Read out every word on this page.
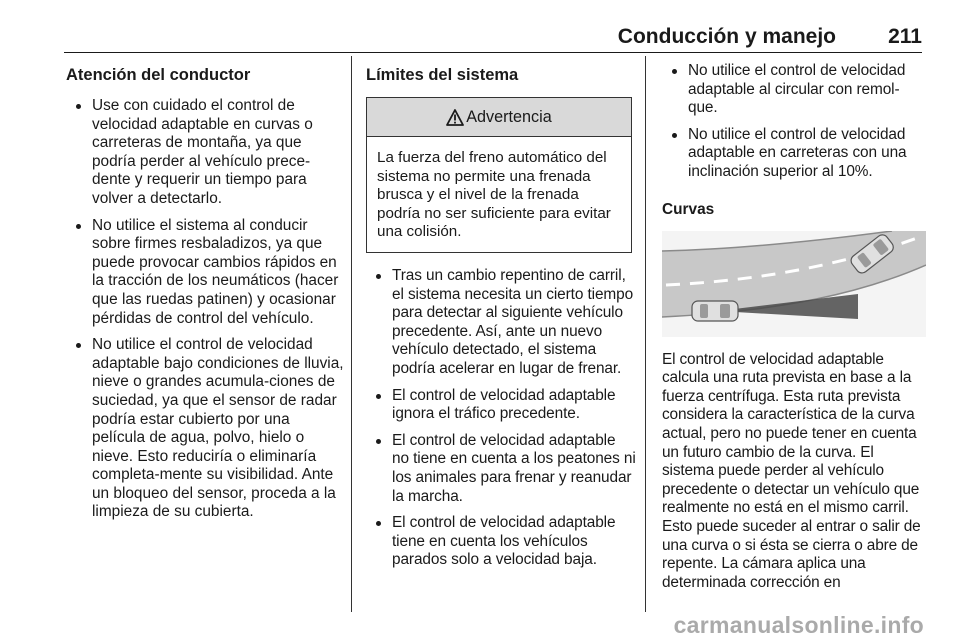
Conducción y manejo 211
Atención del conductor
Use con cuidado el control de velocidad adaptable en curvas o carreteras de montaña, ya que podría perder al vehículo prece-dente y requerir un tiempo para volver a detectarlo.
No utilice el sistema al conducir sobre firmes resbaladizos, ya que puede provocar cambios rápidos en la tracción de los neumáticos (hacer que las ruedas patinen) y ocasionar pérdidas de control del vehículo.
No utilice el control de velocidad adaptable bajo condiciones de lluvia, nieve o grandes acumula-ciones de suciedad, ya que el sensor de radar podría estar cubierto por una película de agua, polvo, hielo o nieve. Esto reduciría o eliminaría completa-mente su visibilidad. Ante un bloqueo del sensor, proceda a la limpieza de su cubierta.
Límites del sistema
Advertencia
La fuerza del freno automático del sistema no permite una frenada brusca y el nivel de la frenada podría no ser suficiente para evitar una colisión.
Tras un cambio repentino de carril, el sistema necesita un cierto tiempo para detectar al siguiente vehículo precedente. Así, ante un nuevo vehículo detectado, el sistema podría acelerar en lugar de frenar.
El control de velocidad adaptable ignora el tráfico precedente.
El control de velocidad adaptable no tiene en cuenta a los peatones ni los animales para frenar y reanudar la marcha.
El control de velocidad adaptable tiene en cuenta los vehículos parados solo a velocidad baja.
No utilice el control de velocidad adaptable al circular con remol-que.
No utilice el control de velocidad adaptable en carreteras con una inclinación superior al 10%.
Curvas

El control de velocidad adaptable calcula una ruta prevista en base a la fuerza centrífuga. Esta ruta prevista considera la característica de la curva actual, pero no puede tener en cuenta un futuro cambio de la curva. El sistema puede perder al vehículo precedente o detectar un vehículo que realmente no está en el mismo carril. Esto puede suceder al entrar o salir de una curva o si ésta se cierra o abre de repente. La cámara aplica una determinada corrección en

carmanualsonline.info
